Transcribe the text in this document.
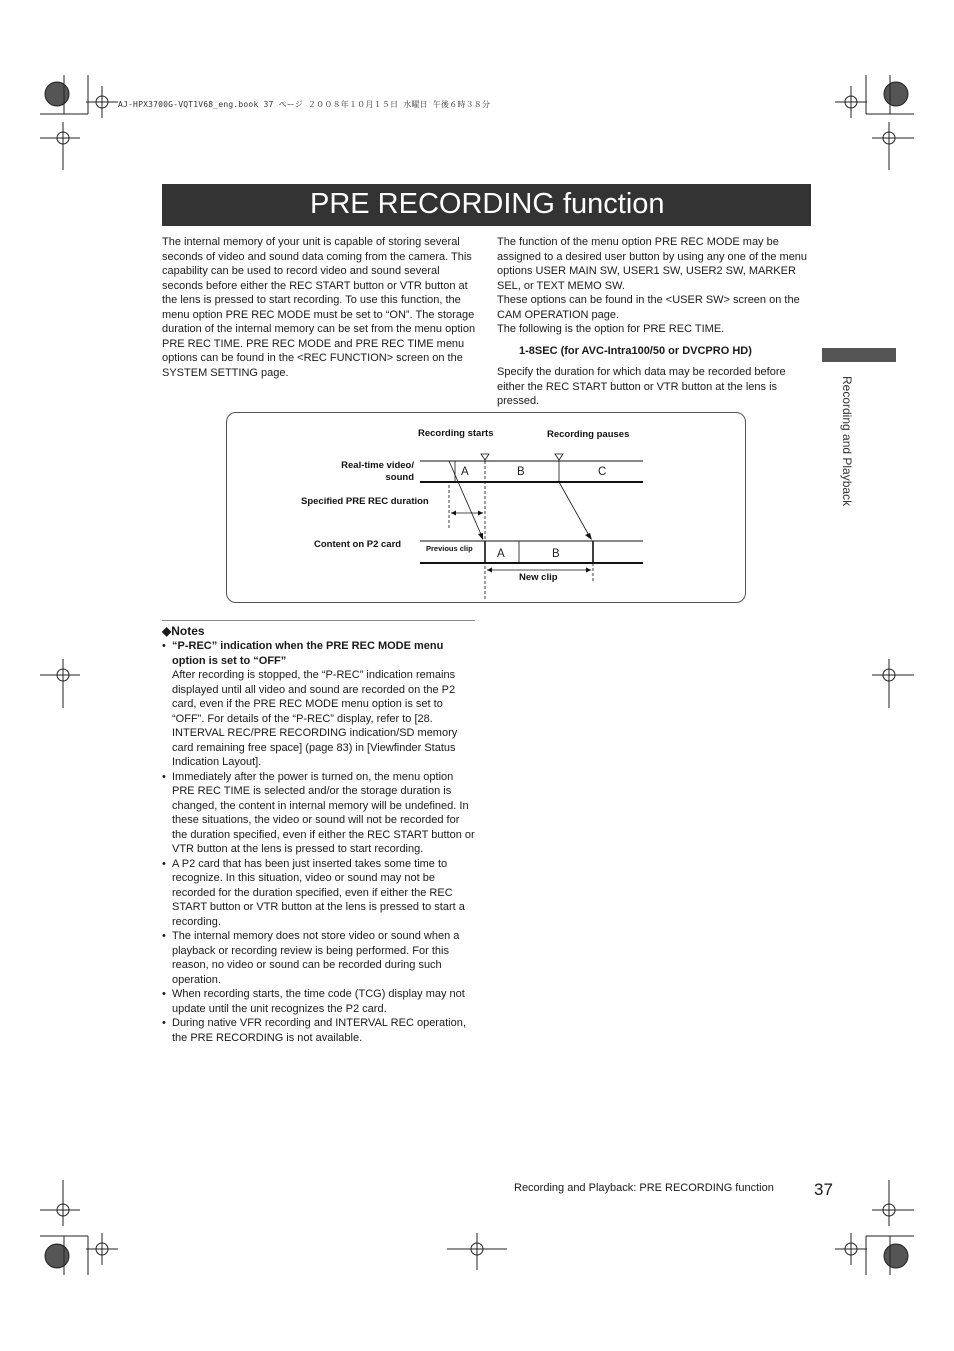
AJ-HPX3700G-VQT1V68_eng.book 37 ページ ２００８年１０月１５日 水曜日 午後６時３８分
PRE RECORDING function

The internal memory of your unit is capable of storing several seconds of video and sound data coming from the camera. This capability can be used to record video and sound several seconds before either the REC START button or VTR button at the lens is pressed to start recording. To use this function, the menu option PRE REC MODE must be set to “ON”. The storage duration of the internal memory can be set from the menu option PRE REC TIME. PRE REC MODE and PRE REC TIME menu options can be found in the <REC FUNCTION> screen on the SYSTEM SETTING page.

The function of the menu option PRE REC MODE may be assigned to a desired user button by using any one of the menu options USER MAIN SW, USER1 SW, USER2 SW, MARKER SEL, or TEXT MEMO SW.

These options can be found in the <USER SW> screen on the CAM OPERATION page.

The following is the option for PRE REC TIME.

1-8SEC (for AVC-Intra100/50 or DVCPRO HD)

Specify the duration for which data may be recorded before either the REC START button or VTR button at the lens is pressed.	Recording and Playback
Recording starts	Recording pauses
Real-time video/
sound
Specified PRE REC duration
Content on P2 card
New clip
Previous clip
A	B	C
A	B
◆Notes

• “P-REC” indication when the PRE REC MODE menu option is set to “OFF”

After recording is stopped, the “P-REC” indication remains displayed until all video and sound are recorded on the P2 card, even if the PRE REC MODE menu option is set to “OFF”. For details of the “P-REC” display, refer to [28. INTERVAL REC/PRE RECORDING indication/SD memory card remaining free space] (page 83) in [Viewfinder Status Indication Layout].

• Immediately after the power is turned on, the menu option PRE REC TIME is selected and/or the storage duration is changed, the content in internal memory will be undefined. In these situations, the video or sound will not be recorded for the duration specified, even if either the REC START button or VTR button at the lens is pressed to start recording.

• A P2 card that has been just inserted takes some time to recognize. In this situation, video or sound may not be recorded for the duration specified, even if either the REC START button or VTR button at the lens is pressed to start a recording.

• The internal memory does not store video or sound when a playback or recording review is being performed. For this reason, no video or sound can be recorded during such operation.

• When recording starts, the time code (TCG) display may not update until the unit recognizes the P2 card.

• During native VFR recording and INTERVAL REC operation, the PRE RECORDING is not available.

Recording and Playback: PRE RECORDING function 37
